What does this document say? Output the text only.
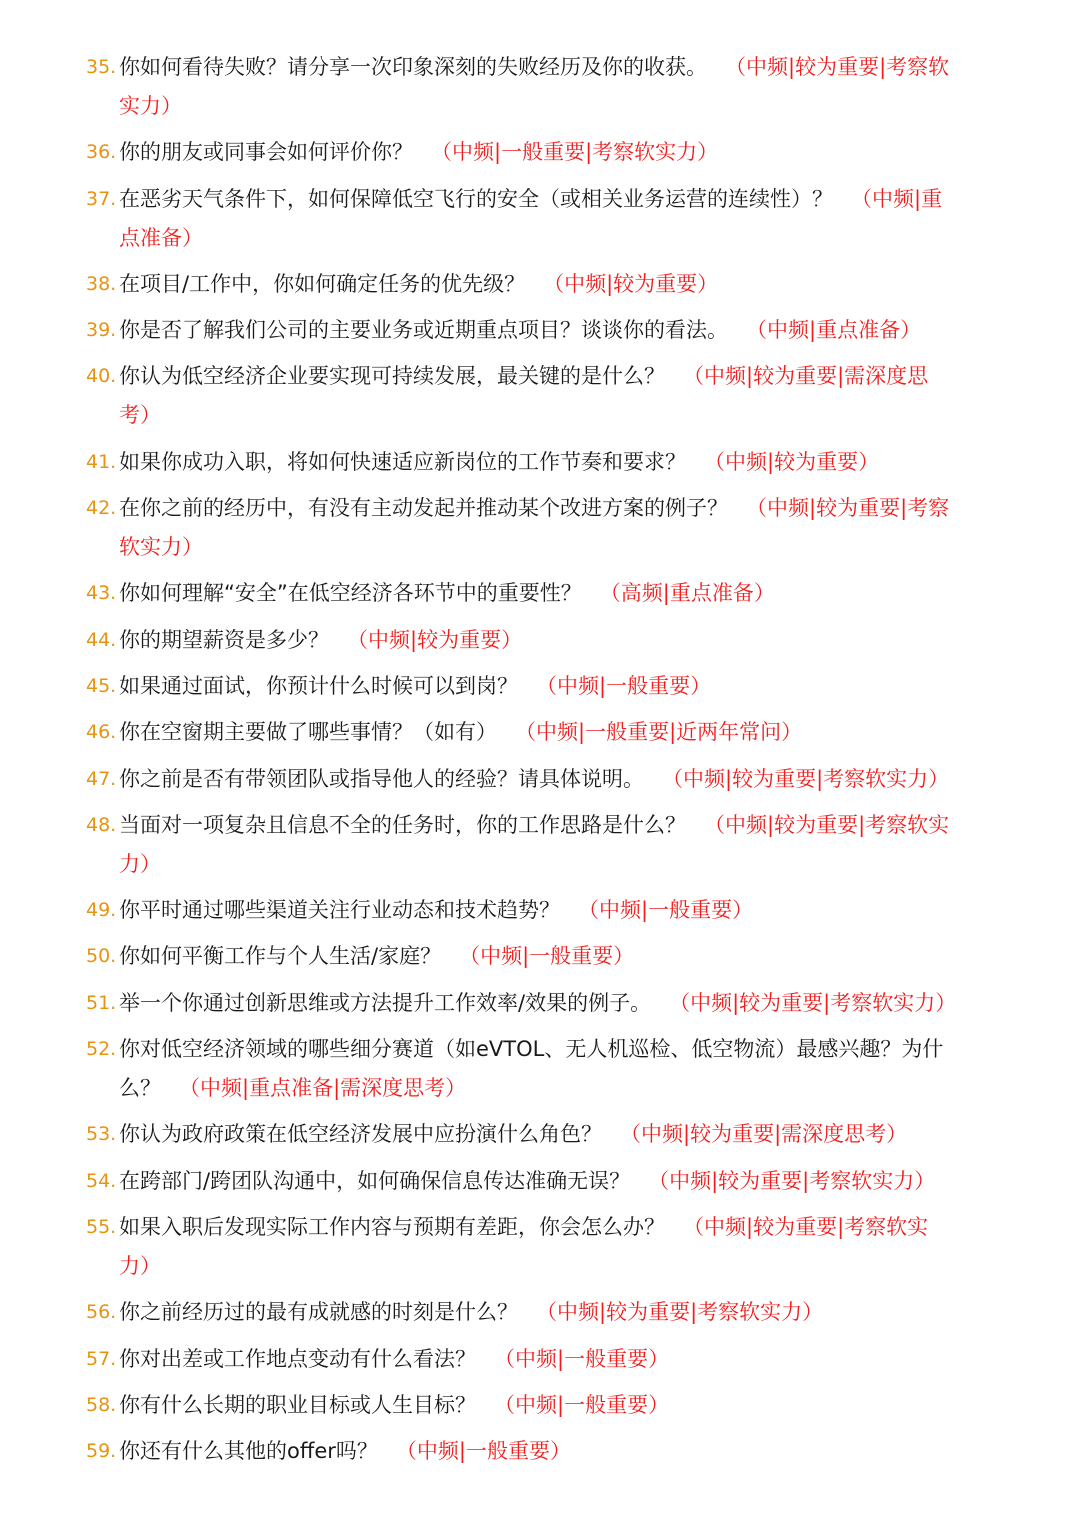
35. 你如何看待失败？请分享一次印象深刻的失败经历及你的收获。 （中频|较为重要|考察软实力）
36. 你的朋友或同事会如何评价你？ （中频|一般重要|考察软实力）
37. 在恶劣天气条件下，如何保障低空飞行的安全（或相关业务运营的连续性）？ （中频|重点准备）
38. 在项目/工作中，你如何确定任务的优先级？ （中频|较为重要）
39. 你是否了解我们公司的主要业务或近期重点项目？谈谈你的看法。 （中频|重点准备）
40. 你认为低空经济企业要实现可持续发展，最关键的是什么？ （中频|较为重要|需深度思考）
41. 如果你成功入职，将如何快速适应新岗位的工作节奏和要求？ （中频|较为重要）
42. 在你之前的经历中，有没有主动发起并推动某个改进方案的例子？ （中频|较为重要|考察软实力）
43. 你如何理解“安全”在低空经济各环节中的重要性？ （高频|重点准备）
44. 你的期望薪资是多少？ （中频|较为重要）
45. 如果通过面试，你预计什么时候可以到岗？ （中频|一般重要）
46. 你在空窗期主要做了哪些事情？（如有） （中频|一般重要|近两年常问）
47. 你之前是否有带领团队或指导他人的经验？请具体说明。 （中频|较为重要|考察软实力）
48. 当面对一项复杂且信息不全的任务时，你的工作思路是什么？ （中频|较为重要|考察软实力）
49. 你平时通过哪些渠道关注行业动态和技术趋势？ （中频|一般重要）
50. 你如何平衡工作与个人生活/家庭？ （中频|一般重要）
51. 举一个你通过创新思维或方法提升工作效率/效果的例子。 （中频|较为重要|考察软实力）
52. 你对低空经济领域的哪些细分赛道（如eVTOL、无人机巡检、低空物流）最感兴趣？为什么？ （中频|重点准备|需深度思考）
53. 你认为政府政策在低空经济发展中应扮演什么角色？ （中频|较为重要|需深度思考）
54. 在跨部门/跨团队沟通中，如何确保信息传达准确无误？ （中频|较为重要|考察软实力）
55. 如果入职后发现实际工作内容与预期有差距，你会怎么办？ （中频|较为重要|考察软实力）
56. 你之前经历过的最有成就感的时刻是什么？ （中频|较为重要|考察软实力）
57. 你对出差或工作地点变动有什么看法？ （中频|一般重要）
58. 你有什么长期的职业目标或人生目标？ （中频|一般重要）
59. 你还有什么其他的offer吗？ （中频|一般重要）
